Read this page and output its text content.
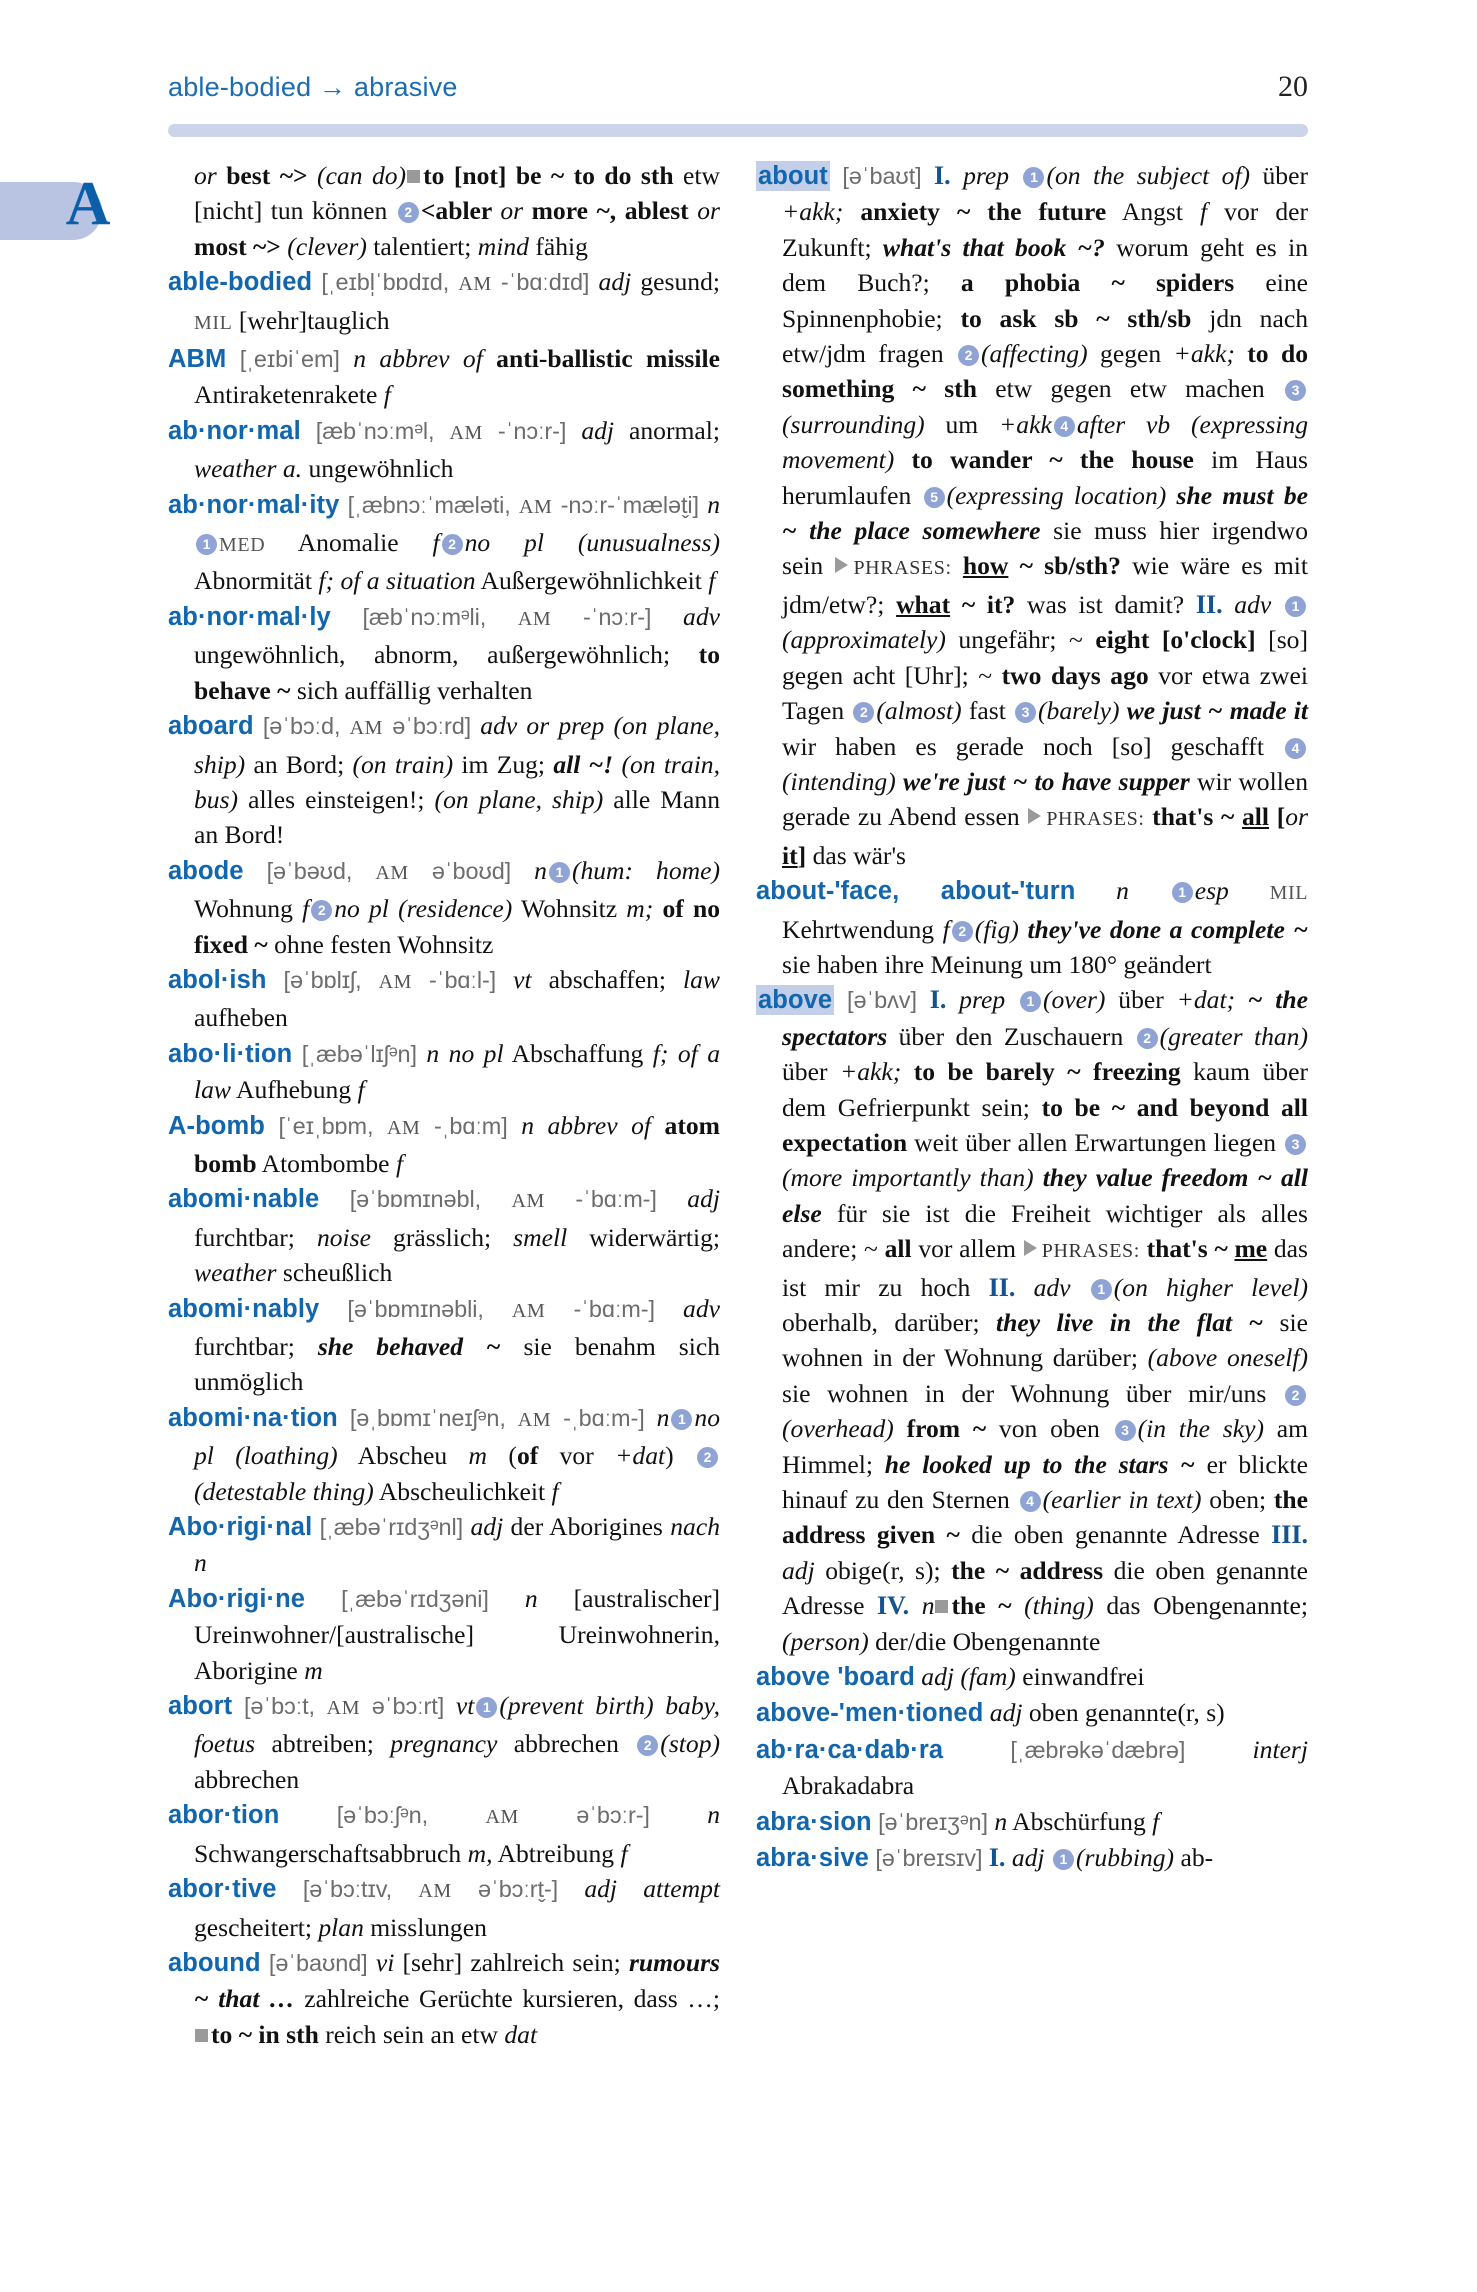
able-bodied → abrasive	20
A	or best ~> (can do) to [not] be ~ to do sth etw [nicht] tun können 2 <abler or more ~, ablest or most ~> (clever) talentiert; mind fähig

able-bodied [ˌeɪbl̩ˈbɒdɪd, AM -ˈbɑːdɪd] adj gesund; MIL [wehr]tauglich

ABM [ˌeɪbiˈem] n abbrev of anti-ballistic missile Antiraketenrakete f

ab·nor·mal [æbˈnɔːmᵊl, AM -ˈnɔːr-] adj anormal; weather a. ungewöhnlich

ab·nor·mal·ity [ˌæbnɔːˈmæləti, AM -nɔːr-ˈmælət̬i] n1 MED Anomalie f 2 no pl (unusualness) Abnormität f; of a situation Außergewöhnlichkeit f

ab·nor·mal·ly [æbˈnɔːmᵊli, AM -ˈnɔːr-] adv ungewöhnlich, abnorm, außergewöhnlich; to behave ~ sich auffällig verhalten

aboard [əˈbɔːd, AM əˈbɔːrd] adv or prep (on plane, ship) an Bord; (on train) im Zug; all ~! (on train, bus) alles einsteigen!; (on plane, ship) alle Mann an Bord!

abode [əˈbəʊd, AM əˈboʊd] n 1 (hum: home) Wohnung f 2 no pl (residence) Wohnsitz m; of no fixed ~ ohne festen Wohnsitz

abol·ish [əˈbɒlɪʃ, AM -ˈbɑːl-] vt abschaffen; law aufheben

abo·li·tion [ˌæbəˈlɪʃᵊn] n no pl Abschaffung f; of a law Aufhebung f

A-bomb [ˈeɪˌbɒm, AM -ˌbɑːm] n abbrev of atom bomb Atombombe f

abomi·nable [əˈbɒmɪnəbl, AM -ˈbɑːm-] adj furchtbar; noise grässlich; smell widerwärtig; weather scheußlich

abomi·nably [əˈbɒmɪnəbli, AM -ˈbɑːm-] adv furchtbar; she behaved ~ sie benahm sich unmöglich

abomi·na·tion [əˌbɒmɪˈneɪʃᵊn, AM -ˌbɑːm-] n 1 no pl (loathing) Abscheu m (of vor +dat) 2(detestable thing) Abscheulichkeit f

Abo·rigi·nal [ˌæbəˈrɪdʒᵊnl] adj der Aborigines nach n

Abo·rigi·ne [ˌæbəˈrɪdʒəni] n [australischer] Ureinwohner/[australische] Ureinwohnerin, Aborigine m

abort [əˈbɔːt, AM əˈbɔːrt] vt 1 (prevent birth) baby, foetus abtreiben; pregnancy abbrechen 2 (stop) abbrechen

abor·tion [əˈbɔːʃᵊn, AM əˈbɔːr-] n Schwangerschaftsabbruch m, Abtreibung f

abor·tive [əˈbɔːtɪv, AM əˈbɔːrt̬-] adj attempt gescheitert; plan misslungen

abound [əˈbaʊnd] vi [sehr] zahlreich sein; rumours ~ that … zahlreiche Gerüchte kursieren, dass …; to ~ in sth reich sein an etw dat

about [əˈbaʊt] I. prep 1 (on the subject of) über +akk; anxiety ~ the future Angst f vor der Zukunft; what's that book ~? worum geht es in dem Buch?; a phobia ~ spiders eine Spinnenphobie; to ask sb ~ sth/sb jdn nach etw/jdm fragen 2 (affecting) gegen +akk; to do something ~ sth etw gegen etw machen 3(surrounding) um +akk 4 after vb (expressing movement) to wander ~ the house im Haus herumlaufen 5 (expressing location) she must be ~ the place somewhere sie muss hier irgendwo sein PHRASES: how ~ sb/sth? wie wäre es mit jdm/etw?; what ~ it? was ist damit? II. adv 1(approximately) ungefähr; ~ eight [o'clock] [so] gegen acht [Uhr]; ~ two days ago vor etwa zwei Tagen 2 (almost) fast 3 (barely) we just ~ made it wir haben es gerade noch [so] geschafft 4(intending) we're just ~ to have supper wir wollen gerade zu Abend essen PHRASES: that's ~ all [or it] das wär's

about-'face, about-'turn n 1 esp MIL Kehrtwendung f 2 (fig) they've done a complete ~ sie haben ihre Meinung um 180° geändert

above [əˈbʌv] I. prep 1 (over) über +dat; ~ the spectators über den Zuschauern 2 (greater than) über +akk; to be barely ~ freezing kaum über dem Gefrierpunkt sein; to be ~ and beyond all expectation weit über allen Erwartungen liegen 3(more importantly than) they value freedom ~ all else für sie ist die Freiheit wichtiger als alles andere; ~ all vor allem PHRASES: that's ~ me das ist mir zu hoch II. adv 1 (on higher level) oberhalb, darüber; they live in the flat ~ sie wohnen in der Wohnung darüber; (above oneself) sie wohnen in der Wohnung über mir/uns 2(overhead) from ~ von oben 3 (in the sky) am Himmel; he looked up to the stars ~ er blickte hinauf zu den Sternen 4 (earlier in text) oben; the address given ~ die oben genannte Adresse III. adj obige(r, s); the ~ address die oben genannte Adresse IV. n the ~ (thing) das Obengenannte; (person) der/die Obengenannte

above 'board adj (fam) einwandfrei

above-'men·tioned adj oben genannte(r, s)

ab·ra·ca·dab·ra [ˌæbrəkəˈdæbrə] interj Abrakadabra

abra·sion [əˈbreɪʒᵊn] n Abschürfung f

abra·sive [əˈbreɪsɪv] I. adj 1 (rubbing) ab-
